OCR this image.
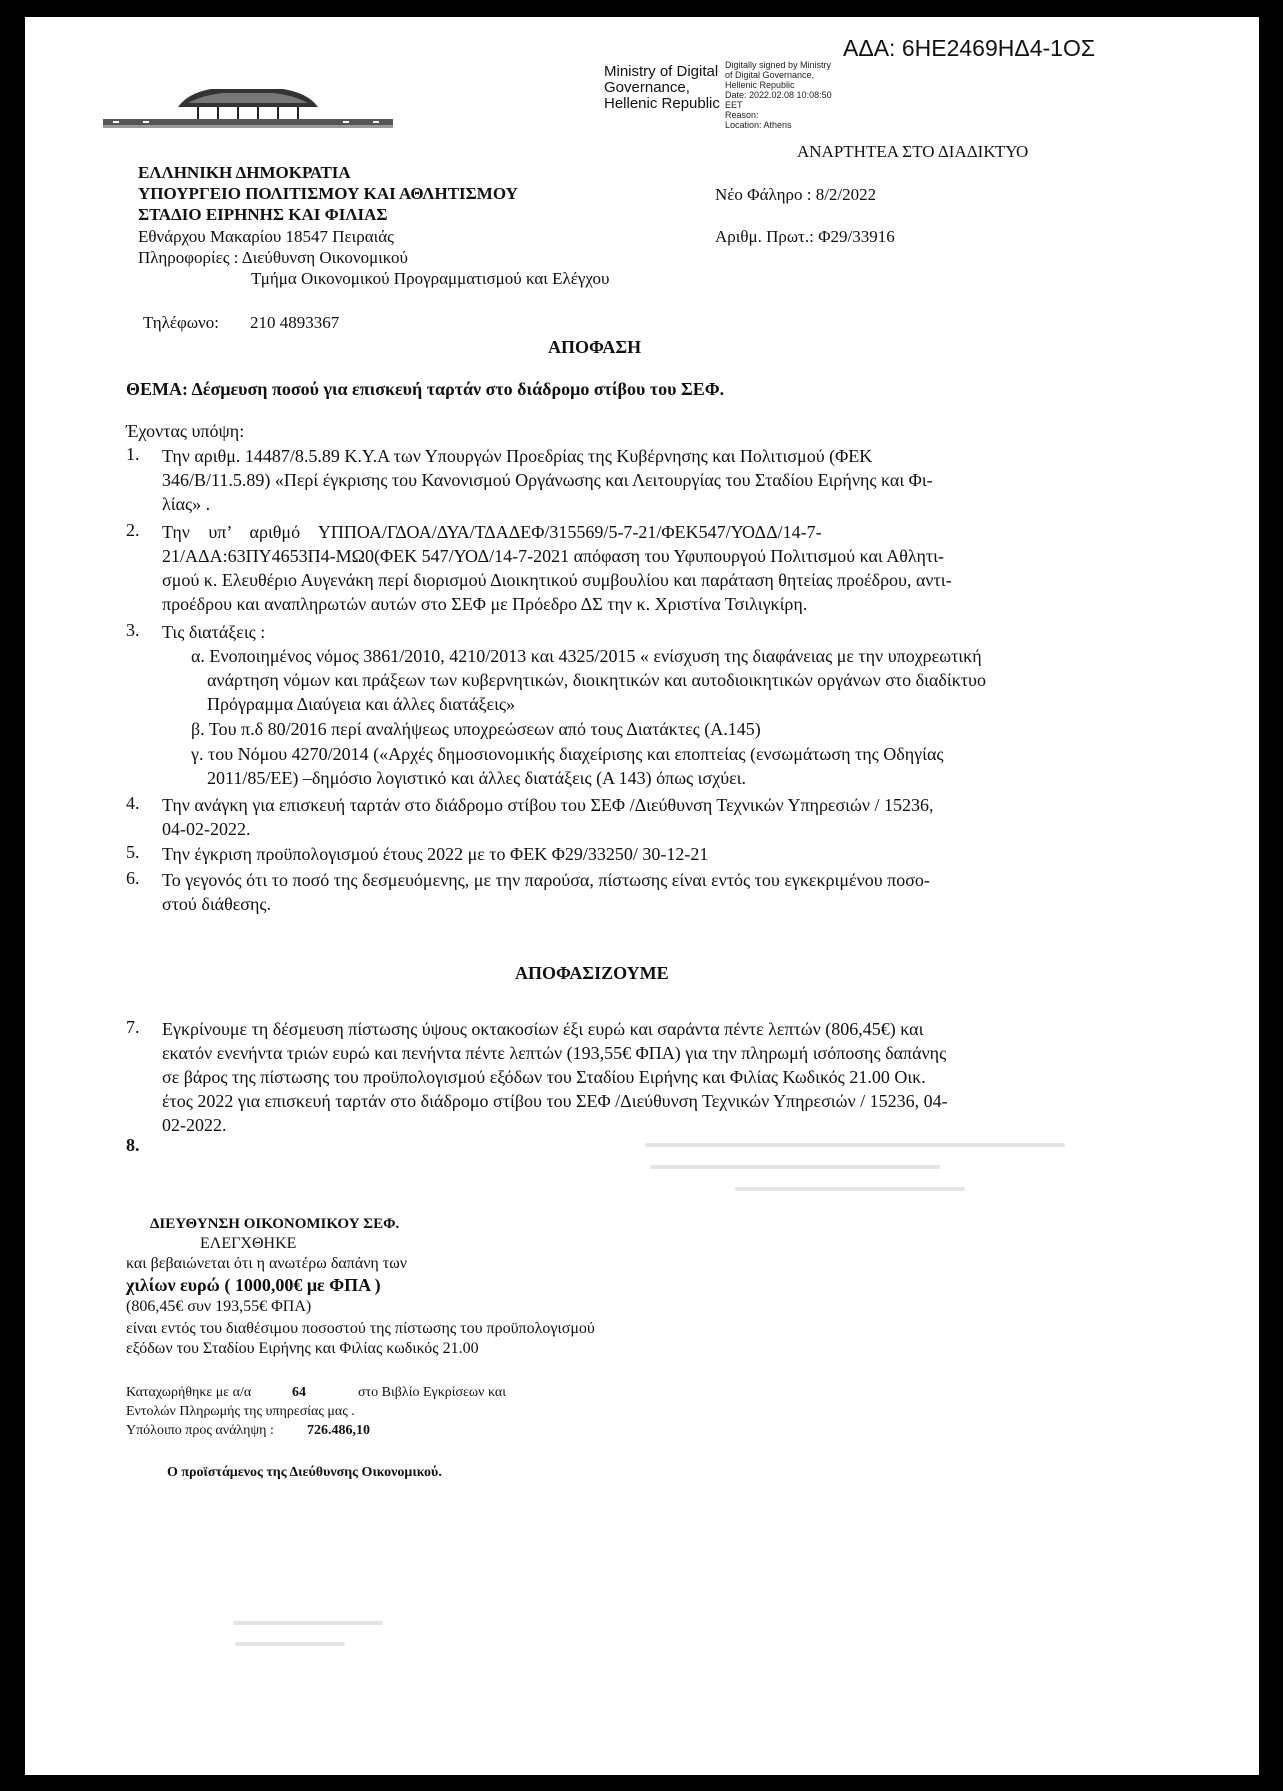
ΑΔΑ: 6ΗΕ2469ΗΔ4-1ΟΣ
Ministry of Digital
Governance,
Hellenic Republic
Digitally signed by Ministry
of Digital Governance,
Hellenic Republic
Date: 2022.02.08 10:08:50
EET
Reason:
Location: Athens
ΑΝΑΡΤΗΤΕΑ ΣΤΟ ΔΙΑΔΙΚΤΥΟ
ΕΛΛΗΝΙΚΗ ΔΗΜΟΚΡΑΤΙΑ
ΥΠΟΥΡΓΕΙΟ ΠΟΛΙΤΙΣΜΟΥ ΚΑΙ ΑΘΛΗΤΙΣΜΟΥ
ΣΤΑΔΙΟ ΕΙΡΗΝΗΣ ΚΑΙ ΦΙΛΙΑΣ
Εθνάρχου Μακαρίου 18547 Πειραιάς
Πληροφορίες : Διεύθυνση Οικονομικού
Τμήμα Οικονομικού Προγραμματισμού και Ελέγχου
Τηλέφωνο: 210 4893367
Νέο Φάληρο : 8/2/2022
Αριθμ. Πρωτ.: Φ29/33916
ΑΠΟΦΑΣΗ
ΘΕΜΑ: Δέσμευση ποσού για επισκευή ταρτάν στο διάδρομο στίβου του ΣΕΦ.
Έχοντας υπόψη:
1. Την αριθμ. 14487/8.5.89 Κ.Υ.Α των Υπουργών Προεδρίας της Κυβέρνησης και Πολιτισμού (ΦΕΚ
346/Β/11.5.89) «Περί έγκρισης του Κανονισμού Οργάνωσης και Λειτουργίας του Σταδίου Ειρήνης και Φι-
λίας» .
2. Την υπ’ αριθμό ΥΠΠΟΑ/ΓΔΟΑ/ΔΥΑ/ΤΔΑΔΕΦ/315569/5-7-21/ΦΕΚ547/ΥΟΔΔ/14-7-
21/ΑΔΑ:63ΠΥ4653Π4-ΜΩ0(ΦΕΚ 547/ΥΟΔ/14-7-2021 απόφαση του Υφυπουργού Πολιτισμού και Αθλητι-
σμού κ. Ελευθέριο Αυγενάκη περί διορισμού Διοικητικού συμβουλίου και παράταση θητείας προέδρου, αντι-
προέδρου και αναπληρωτών αυτών στο ΣΕΦ με Πρόεδρο ΔΣ την κ. Χριστίνα Τσιλιγκίρη.
3. Τις διατάξεις :
α. Ενοποιημένος νόμος 3861/2010, 4210/2013 και 4325/2015 « ενίσχυση της διαφάνειας με την υποχρεωτική
ανάρτηση νόμων και πράξεων των κυβερνητικών, διοικητικών και αυτοδιοικητικών οργάνων στο διαδίκτυο
Πρόγραμμα Διαύγεια και άλλες διατάξεις»
β. Του π.δ 80/2016 περί αναλήψεως υποχρεώσεων από τους Διατάκτες (Α.145)
γ. του Νόμου 4270/2014 («Αρχές δημοσιονομικής διαχείρισης και εποπτείας (ενσωμάτωση της Οδηγίας
2011/85/ΕΕ) –δημόσιο λογιστικό και άλλες διατάξεις (Α 143) όπως ισχύει.
4. Την ανάγκη για επισκευή ταρτάν στο διάδρομο στίβου του ΣΕΦ /Διεύθυνση Τεχνικών Υπηρεσιών / 15236,
04-02-2022.
5. Την έγκριση προϋπολογισμού έτους 2022 με το ΦΕΚ Φ29/33250/ 30-12-21
6. Το γεγονός ότι το ποσό της δεσμευόμενης, με την παρούσα, πίστωσης είναι εντός του εγκεκριμένου ποσο-
στού διάθεσης.
ΑΠΟΦΑΣΙΖΟΥΜΕ
7. Εγκρίνουμε τη δέσμευση πίστωσης ύψους οκτακοσίων έξι ευρώ και σαράντα πέντε λεπτών (806,45€) και
εκατόν ενενήντα τριών ευρώ και πενήντα πέντε λεπτών (193,55€ ΦΠΑ) για την πληρωμή ισόποσης δαπάνης
σε βάρος της πίστωσης του προϋπολογισμού εξόδων του Σταδίου Ειρήνης και Φιλίας Κωδικός 21.00 Οικ.
έτος 2022 για επισκευή ταρτάν στο διάδρομο στίβου του ΣΕΦ /Διεύθυνση Τεχνικών Υπηρεσιών / 15236, 04-
02-2022.
8.
ΔΙΕΥΘΥΝΣΗ ΟΙΚΟΝΟΜΙΚΟΥ ΣΕΦ.
ΕΛΕΓΧΘΗΚΕ
και βεβαιώνεται ότι η ανωτέρω δαπάνη των
χιλίων ευρώ ( 1000,00€ με ΦΠΑ )
(806,45€ συν 193,55€ ΦΠΑ)
είναι εντός του διαθέσιμου ποσοστού της πίστωσης του προϋπολογισμού
εξόδων του Σταδίου Ειρήνης και Φιλίας κωδικός 21.00
Καταχωρήθηκε με α/α	64	στο Βιβλίο Εγκρίσεων και
Εντολών Πληρωμής της υπηρεσίας μας .
Υπόλοιπο προς ανάληψη : 726.486,10
Ο προϊστάμενος της Διεύθυνσης Οικονομικού.
